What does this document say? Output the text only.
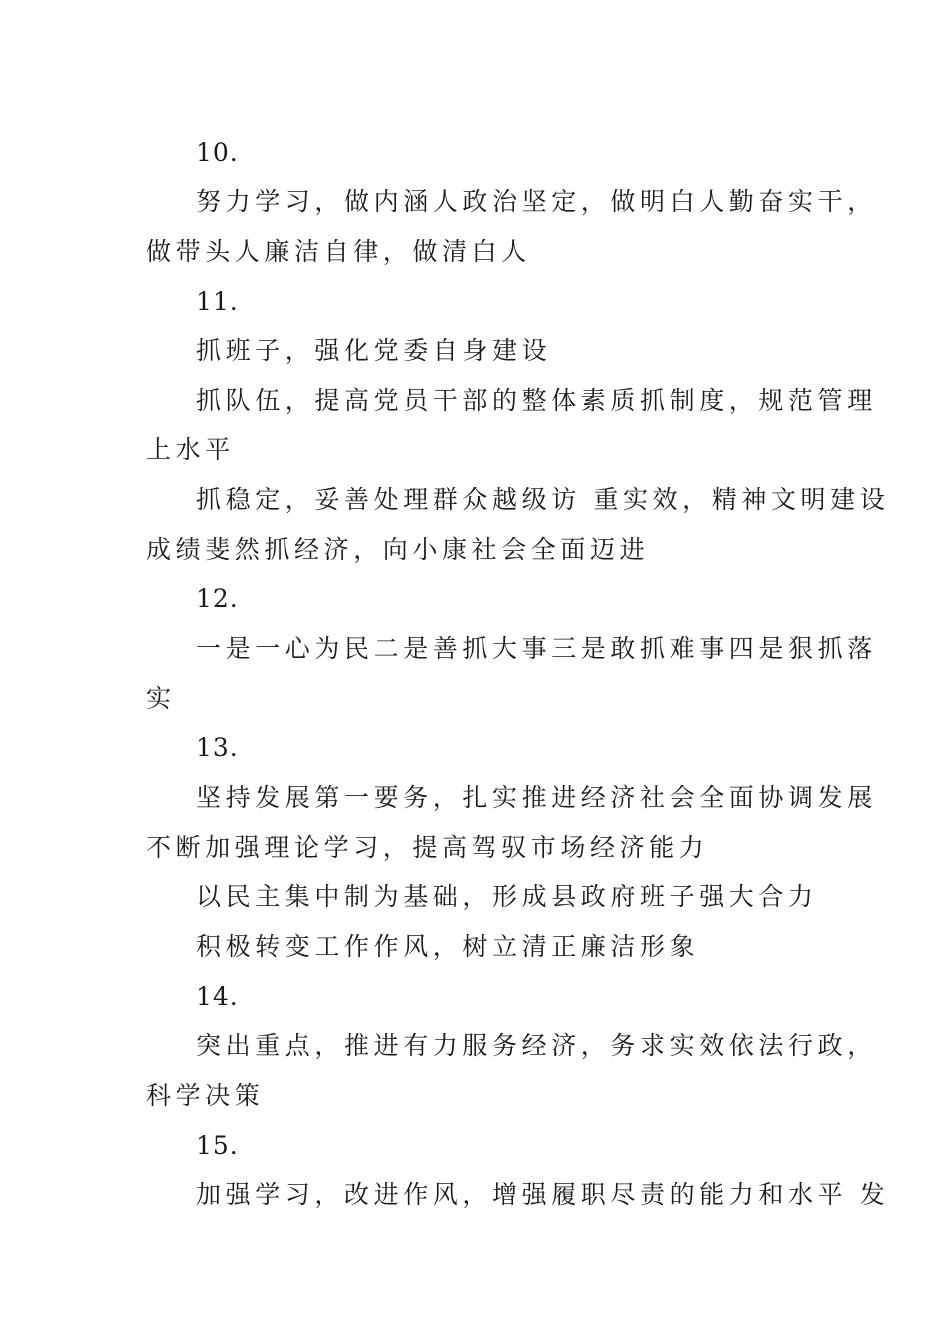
10.
努力学习，做内涵人政治坚定，做明白人勤奋实干，
做带头人廉洁自律，做清白人
11.
抓班子，强化党委自身建设
抓队伍，提高党员干部的整体素质抓制度，规范管理
上水平
抓稳定，妥善处理群众越级访 重实效，精神文明建设
成绩斐然抓经济，向小康社会全面迈进
12.
一是一心为民二是善抓大事三是敢抓难事四是狠抓落
实
13.
坚持发展第一要务，扎实推进经济社会全面协调发展
不断加强理论学习，提高驾驭市场经济能力
以民主集中制为基础，形成县政府班子强大合力
积极转变工作作风，树立清正廉洁形象
14.
突出重点，推进有力服务经济，务求实效依法行政，
科学决策
15.
加强学习，改进作风，增强履职尽责的能力和水平 发
